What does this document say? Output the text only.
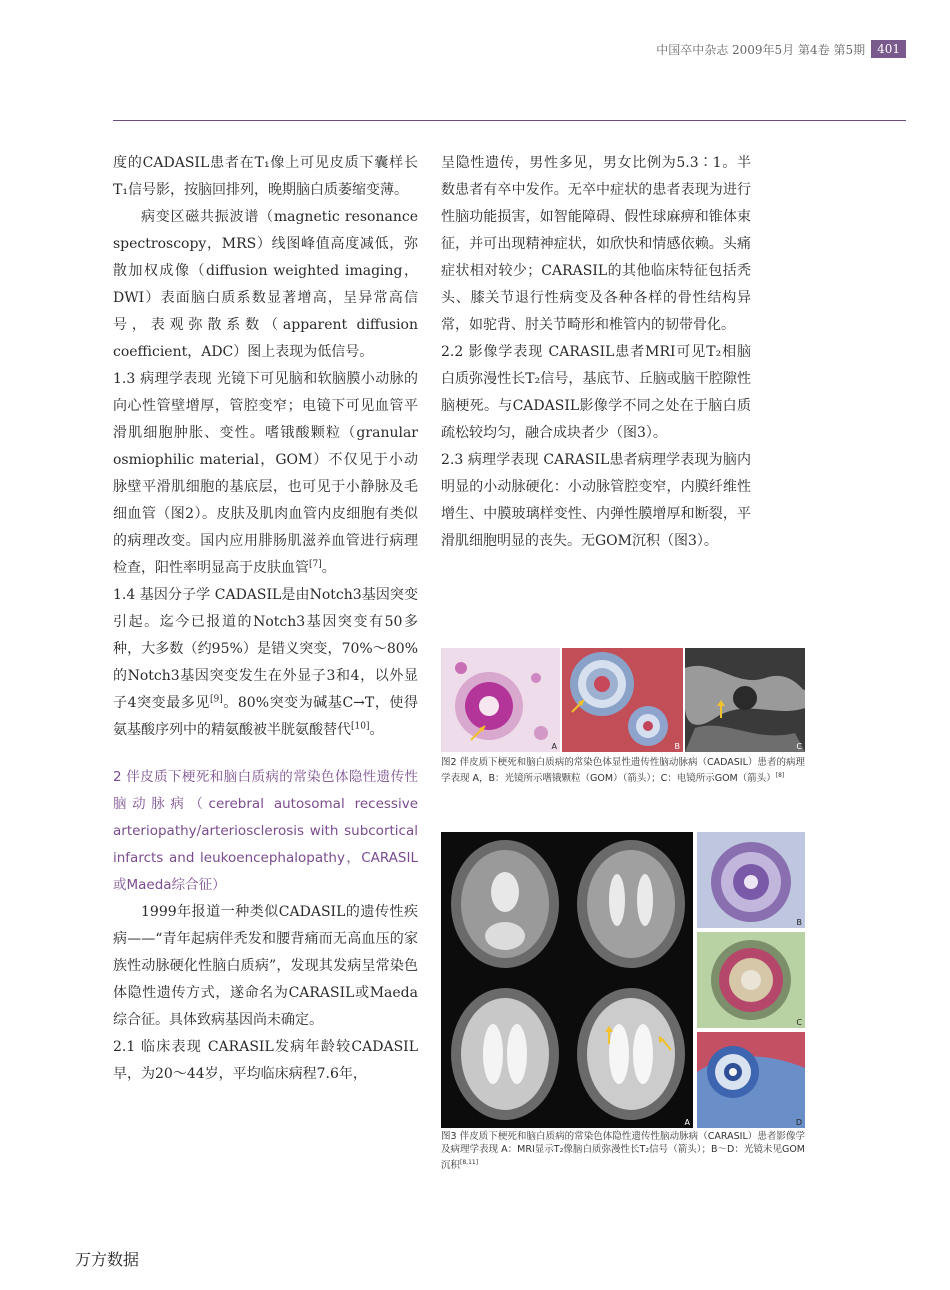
中国卒中杂志 2009年5月 第4卷 第5期	401

度的CADASIL患者在T₁像上可见皮质下囊样长T₁信号影，按脑回排列，晚期脑白质萎缩变薄。

病变区磁共振波谱（magnetic resonance spectroscopy，MRS）线图峰值高度减低，弥散加权成像（diffusion weighted imaging，DWI）表面脑白质系数显著增高，呈异常高信号，表观弥散系数（apparent diffusion coefficient，ADC）图上表现为低信号。

1.3 病理学表现 光镜下可见脑和软脑膜小动脉的向心性管壁增厚，管腔变窄；电镜下可见血管平滑肌细胞肿胀、变性。嗜锇酸颗粒（granular osmiophilic material，GOM）不仅见于小动脉壁平滑肌细胞的基底层，也可见于小静脉及毛细血管（图2）。皮肤及肌肉血管内皮细胞有类似的病理改变。国内应用腓肠肌滋养血管进行病理检查，阳性率明显高于皮肤血管[7]。

1.4 基因分子学 CADASIL是由Notch3基因突变引起。迄今已报道的Notch3基因突变有50多种，大多数（约95%）是错义突变，70%～80%的Notch3基因突变发生在外显子3和4，以外显子4突变最多见[9]。80%突变为碱基C→T，使得氨基酸序列中的精氨酸被半胱氨酸替代[10]。

2 伴皮质下梗死和脑白质病的常染色体隐性遗传性脑动脉病（cerebral autosomal recessive arteriopathy/arteriosclerosis with subcortical infarcts and leukoencephalopathy，CARASIL或Maeda综合征）

1999年报道一种类似CADASIL的遗传性疾病——“青年起病伴秃发和腰背痛而无高血压的家族性动脉硬化性脑白质病”，发现其发病呈常染色体隐性遗传方式，遂命名为CARASIL或Maeda综合征。具体致病基因尚未确定。

2.1 临床表现 CARASIL发病年龄较CADASIL早，为20～44岁，平均临床病程7.6年，

呈隐性遗传，男性多见，男女比例为5.3∶1。半数患者有卒中发作。无卒中症状的患者表现为进行性脑功能损害，如智能障碍、假性球麻痹和锥体束征，并可出现精神症状，如欣快和情感依赖。头痛症状相对较少；CARASIL的其他临床特征包括秃头、膝关节退行性病变及各种各样的骨性结构异常，如驼背、肘关节畸形和椎管内的韧带骨化。

2.2 影像学表现 CARASIL患者MRI可见T₂相脑白质弥漫性长T₂信号，基底节、丘脑或脑干腔隙性脑梗死。与CADASIL影像学不同之处在于脑白质疏松较均匀，融合成块者少（图3）。

2.3 病理学表现 CARASIL患者病理学表现为脑内明显的小动脉硬化：小动脉管腔变窄，内膜纤维性增生、中膜玻璃样变性、内弹性膜增厚和断裂，平滑肌细胞明显的丧失。无GOM沉积（图3）。

A	B	C
图2 伴皮质下梗死和脑白质病的常染色体显性遗传性脑动脉病（CADASIL）患者的病理学表现 A，B：光镜所示嗜锇颗粒（GOM）（箭头）；C：电镜所示GOM（箭头）[8]
A
B
C
D
图3 伴皮质下梗死和脑白质病的常染色体隐性遗传性脑动脉病（CARASIL）患者影像学及病理学表现 A：MRI显示T₂像脑白质弥漫性长T₂信号（箭头）；B～D：光镜未见GOM沉积[8,11]
万方数据
